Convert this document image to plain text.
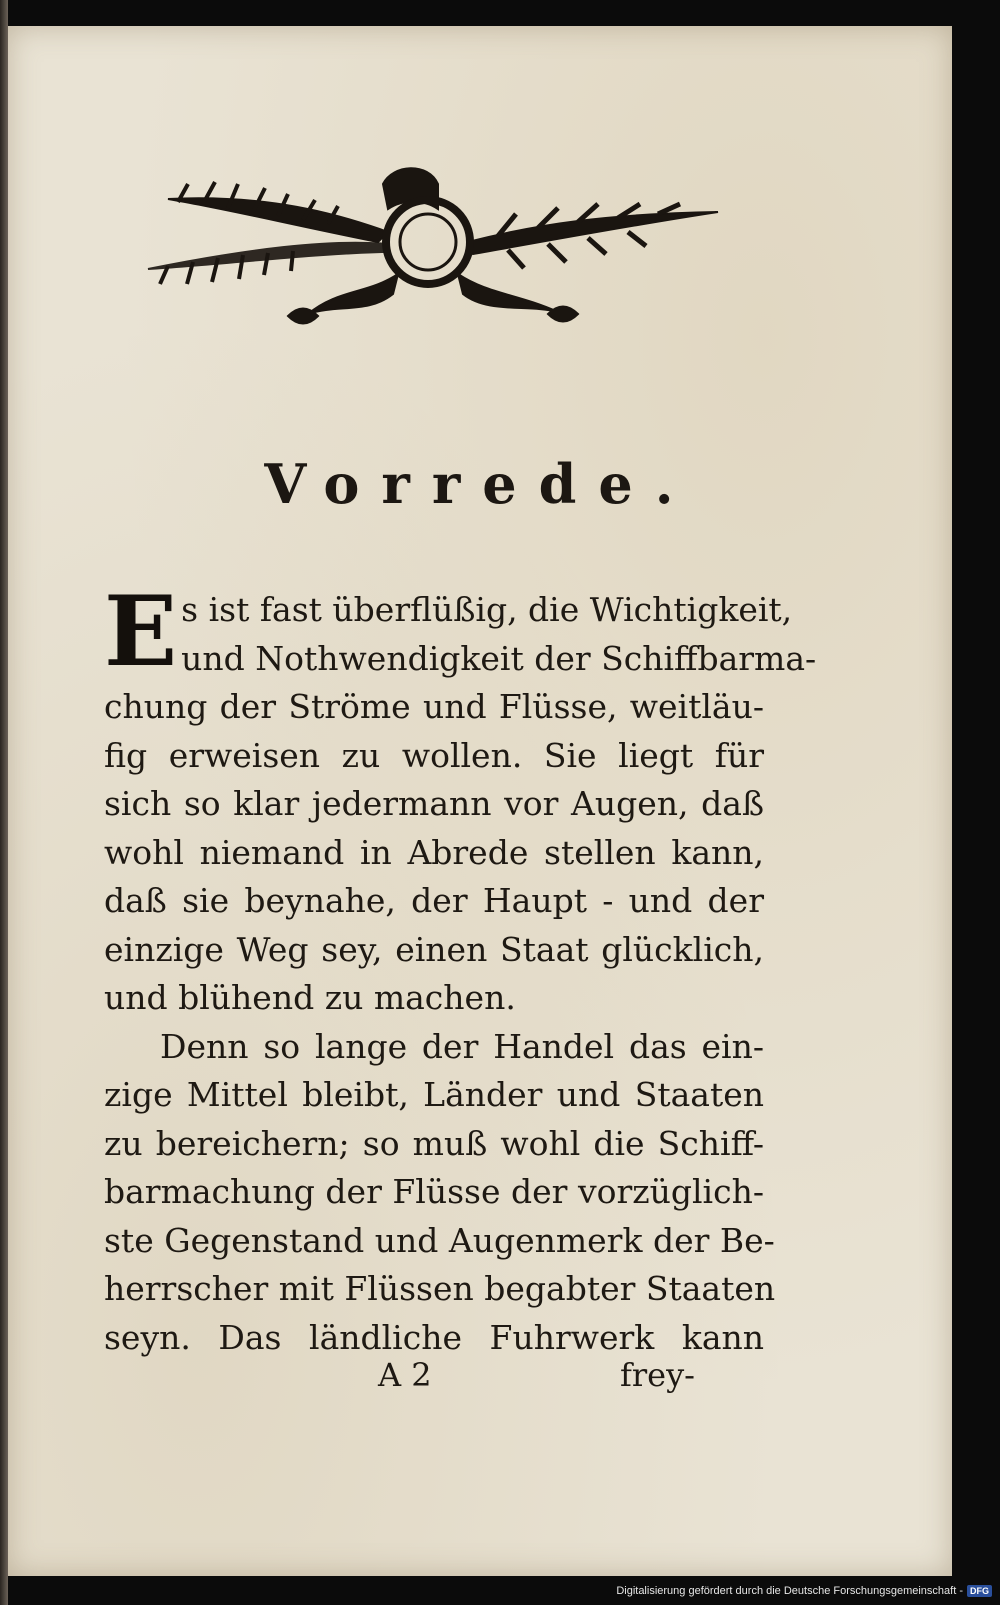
Vorrede.
E s ist fast überflüßig, die Wichtigkeit,
und Nothwendigkeit der Schiffbarma-
chung der Ströme und Flüsse, weitläu-
fig erweisen zu wollen. Sie liegt für
sich so klar jedermann vor Augen, daß
wohl niemand in Abrede stellen kann,
daß sie beynahe, der Haupt - und der
einzige Weg sey, einen Staat glücklich,
und blühend zu machen.
Denn so lange der Handel das ein-
zige Mittel bleibt, Länder und Staaten
zu bereichern; so muß wohl die Schiff-
barmachung der Flüsse der vorzüglich-
ste Gegenstand und Augenmerk der Be-
herrscher mit Flüssen begabter Staaten
seyn. Das ländliche Fuhrwerk kann
A 2	frey-
Digitalisierung gefördert durch die Deutsche Forschungsgemeinschaft - DFG
